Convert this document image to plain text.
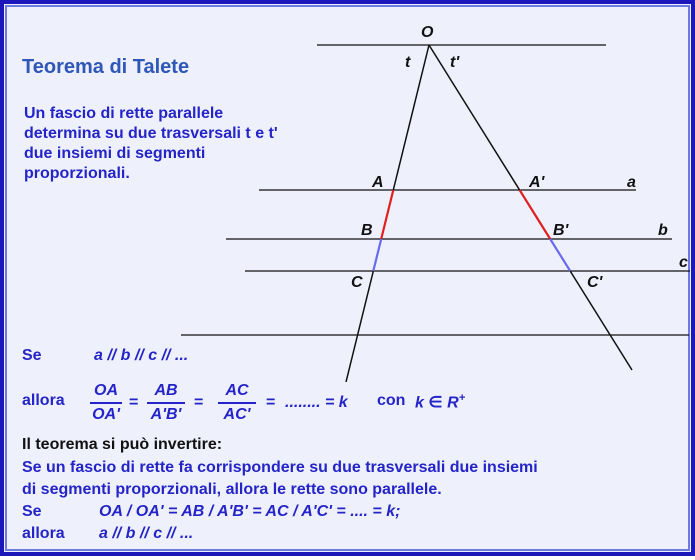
O
t t'
A	A'	a
B	B'	b
C	C'
c
Teorema di Talete
Un fascio di rette parallele
determina su due trasversali t e t'
due insiemi di segmenti
proporzionali.
Se	a // b // c // ...
allora
OA
OA'
=
AB
A'B'
=
AC
AC'
= ........ = k con k ∈ R+
Il teorema si può invertire:
Se un fascio di rette fa corrispondere su due trasversali due insiemi
di segmenti proporzionali, allora le rette sono parallele.
Se	OA / OA' = AB / A'B' = AC / A'C' = .... = k;
allora a // b // c // ...
